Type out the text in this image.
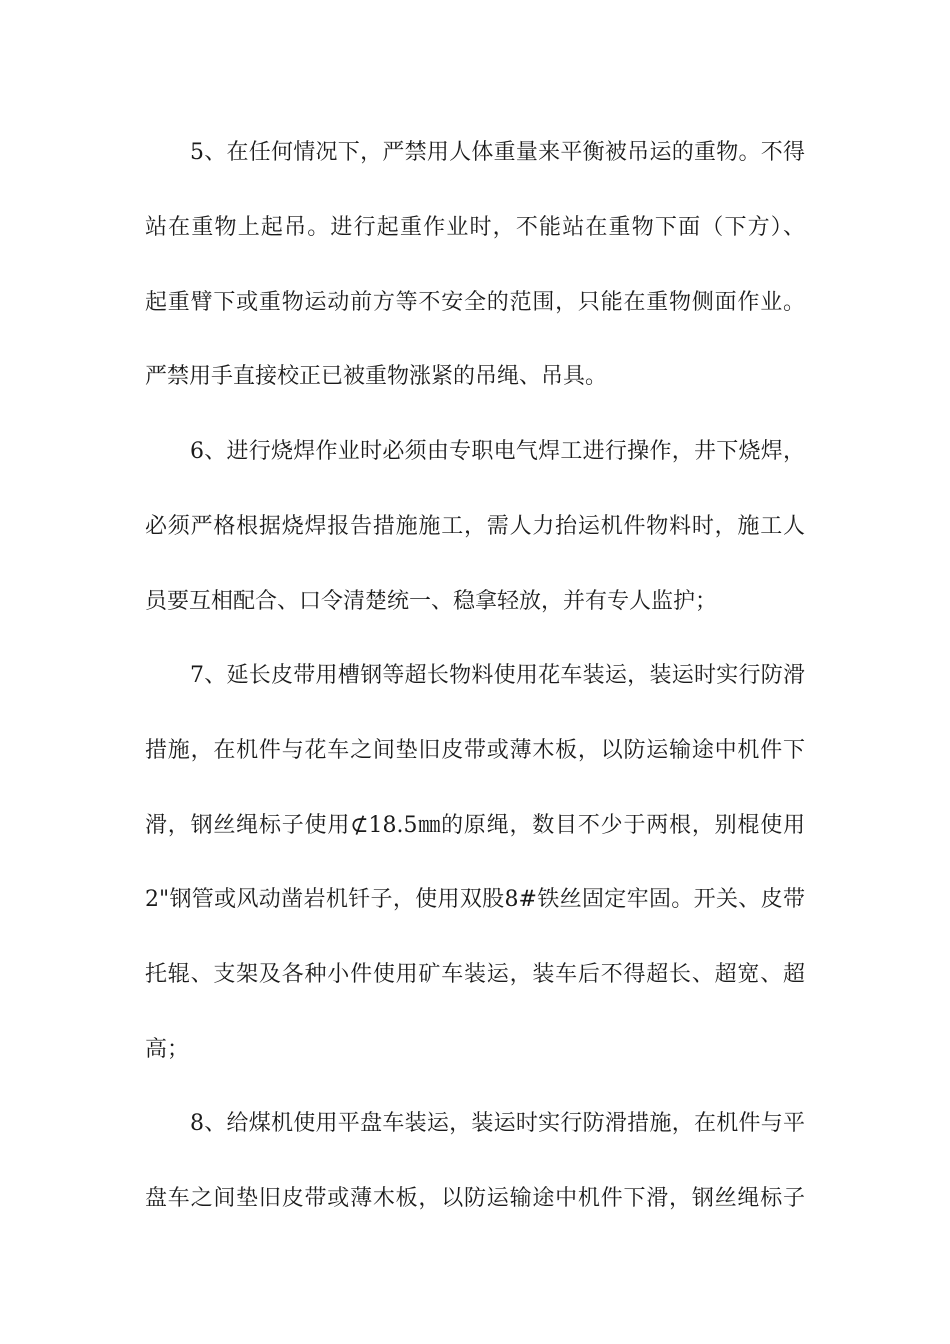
5、在任何情况下，严禁用人体重量来平衡被吊运的重物。不得
站在重物上起吊。进行起重作业时，不能站在重物下面（下方）、
起重臂下或重物运动前方等不安全的范围，只能在重物侧面作业。
严禁用手直接校正已被重物涨紧的吊绳、吊具。
6、进行烧焊作业时必须由专职电气焊工进行操作，井下烧焊，
必须严格根据烧焊报告措施施工，需人力抬运机件物料时，施工人
员要互相配合、口令清楚统一、稳拿轻放，并有专人监护；
7、延长皮带用槽钢等超长物料使用花车装运，装运时实行防滑
措施，在机件与花车之间垫旧皮带或薄木板，以防运输途中机件下
滑，钢丝绳标子使用⊄18.5㎜的原绳，数目不少于两根，别棍使用
2"钢管或风动凿岩机钎子，使用双股8#铁丝固定牢固。开关、皮带
托辊、支架及各种小件使用矿车装运，装车后不得超长、超宽、超
高；
8、给煤机使用平盘车装运，装运时实行防滑措施，在机件与平
盘车之间垫旧皮带或薄木板，以防运输途中机件下滑，钢丝绳标子
